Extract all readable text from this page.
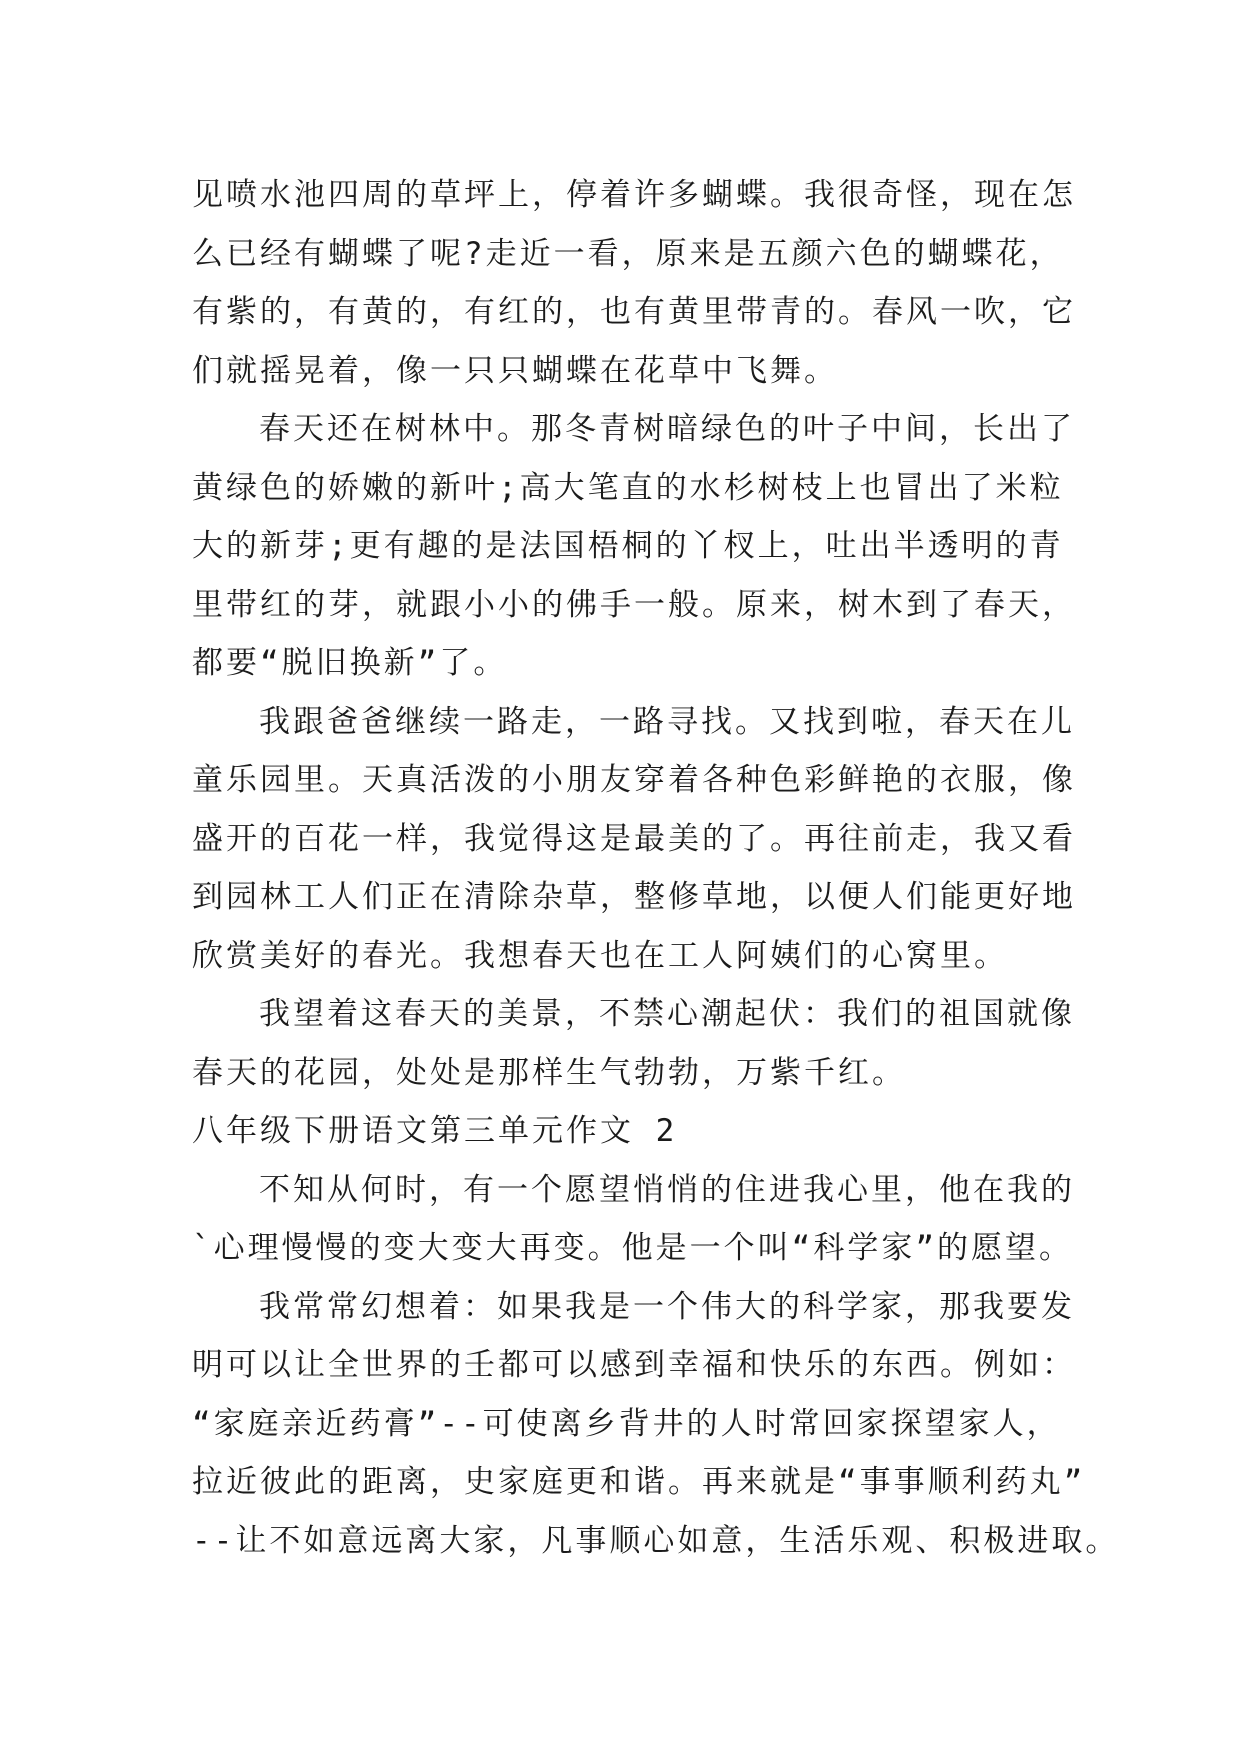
见喷水池四周的草坪上，停着许多蝴蝶。我很奇怪，现在怎
么已经有蝴蝶了呢?走近一看，原来是五颜六色的蝴蝶花，
有紫的，有黄的，有红的，也有黄里带青的。春风一吹，它
们就摇晃着，像一只只蝴蝶在花草中飞舞。
春天还在树林中。那冬青树暗绿色的叶子中间，长出了
黄绿色的娇嫩的新叶;高大笔直的水杉树枝上也冒出了米粒
大的新芽;更有趣的是法国梧桐的丫杈上，吐出半透明的青
里带红的芽，就跟小小的佛手一般。原来，树木到了春天，
都要“脱旧换新”了。
我跟爸爸继续一路走，一路寻找。又找到啦，春天在儿
童乐园里。天真活泼的小朋友穿着各种色彩鲜艳的衣服，像
盛开的百花一样，我觉得这是最美的了。再往前走，我又看
到园林工人们正在清除杂草，整修草地，以便人们能更好地
欣赏美好的春光。我想春天也在工人阿姨们的心窝里。
我望着这春天的美景，不禁心潮起伏：我们的祖国就像
春天的花园，处处是那样生气勃勃，万紫千红。
八年级下册语文第三单元作文 2
不知从何时，有一个愿望悄悄的住进我心里，他在我的
`心理慢慢的变大变大再变。他是一个叫“科学家”的愿望。
我常常幻想着：如果我是一个伟大的科学家，那我要发
明可以让全世界的壬都可以感到幸福和快乐的东西。例如：
“家庭亲近药膏”--可使离乡背井的人时常回家探望家人，
拉近彼此的距离，史家庭更和谐。再来就是“事事顺利药丸”
--让不如意远离大家，凡事顺心如意，生活乐观、积极进取。
